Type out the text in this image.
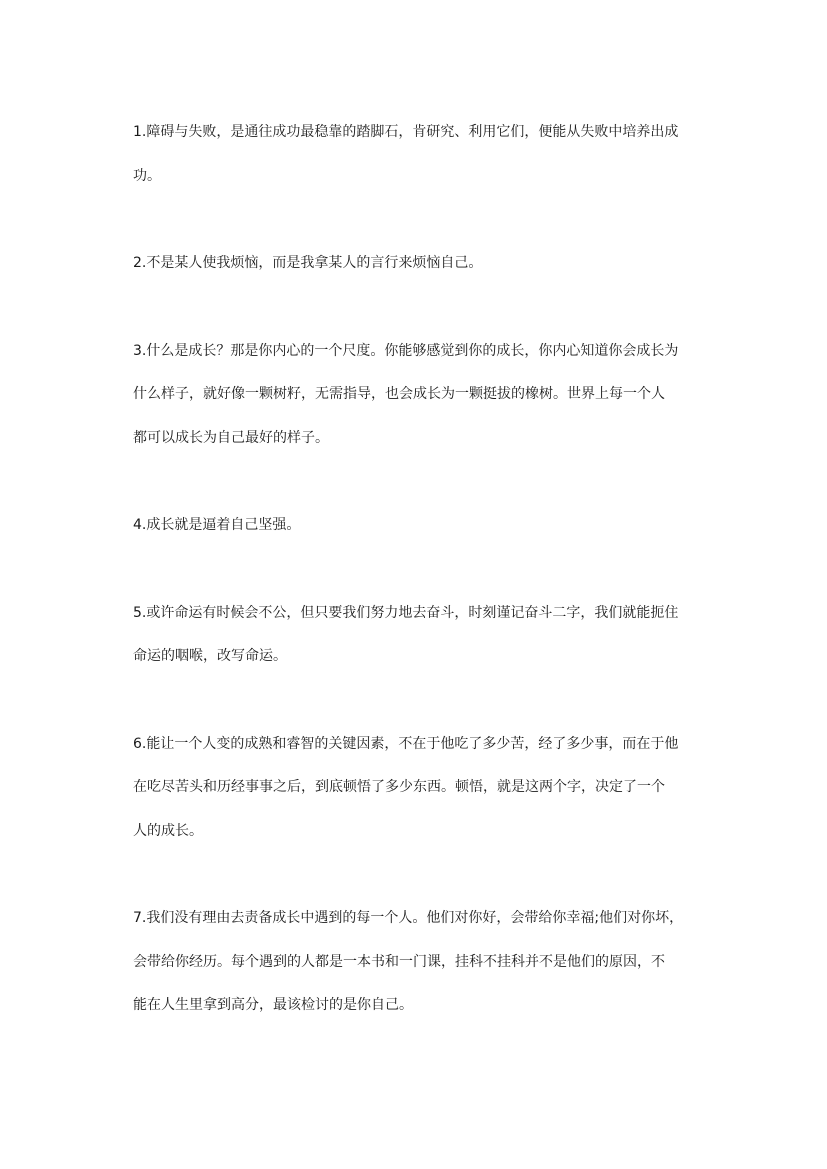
1.障碍与失败，是通往成功最稳靠的踏脚石，肯研究、利用它们，便能从失败中培养出成
功。

2.不是某人使我烦恼，而是我拿某人的言行来烦恼自己。

3.什么是成长？那是你内心的一个尺度。你能够感觉到你的成长，你内心知道你会成长为
什么样子，就好像一颗树籽，无需指导，也会成长为一颗挺拔的橡树。世界上每一个人
都可以成长为自己最好的样子。

4.成长就是逼着自己坚强。

5.或许命运有时候会不公，但只要我们努力地去奋斗，时刻谨记奋斗二字，我们就能扼住
命运的咽喉，改写命运。

6.能让一个人变的成熟和睿智的关键因素，不在于他吃了多少苦，经了多少事，而在于他
在吃尽苦头和历经事事之后，到底顿悟了多少东西。顿悟，就是这两个字，决定了一个
人的成长。

7.我们没有理由去责备成长中遇到的每一个人。他们对你好，会带给你幸福;他们对你坏，
会带给你经历。每个遇到的人都是一本书和一门课，挂科不挂科并不是他们的原因，不
能在人生里拿到高分，最该检讨的是你自己。
